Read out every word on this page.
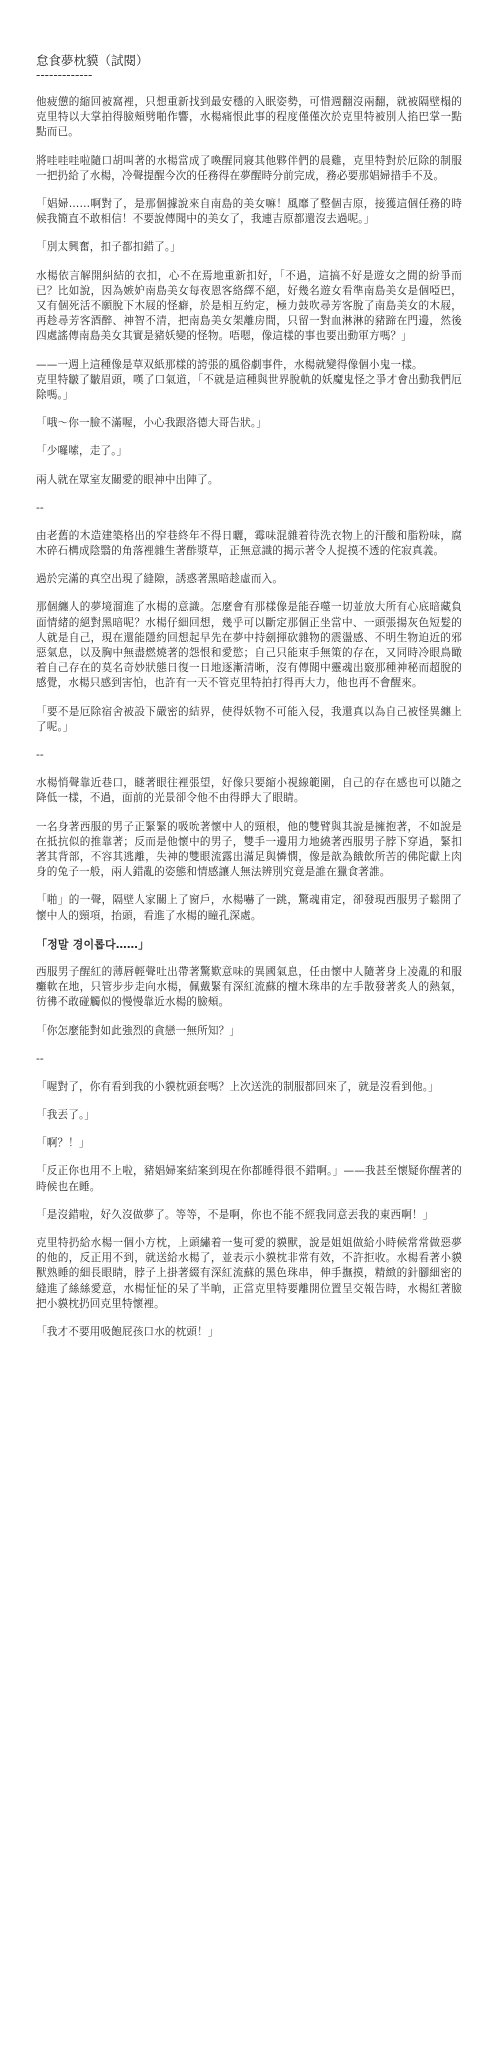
怠食夢枕貘（試閱）
-------------

他疲憊的縮回被窩裡，只想重新找到最安穩的入眠姿勢，可惜週翻沒兩翻，就被隔壁榻的克里特以大掌拍得臉頰劈啪作響，水楊痛恨此事的程度僅僅次於克里特被別人掐巴掌一點點而已。

將哇哇哇啦隨口胡叫著的水楊當成了喚醒同寢其他夥伴們的晨雞，克里特對於厄除的制服一把扔給了水楊，冷聲提醒今次的任務得在夢醒時分前完成，務必要那娼婦措手不及。

「娼婦……啊對了，是那個據說來自南島的美女嘛！風靡了整個吉原，接獲這個任務的時候我簡直不敢相信！不要說傳聞中的美女了，我連吉原都還沒去過呢。」

「別太興奮，扣子都扣錯了。」

水楊依言解開糾結的衣扣，心不在焉地重新扣好，「不過，這搞不好是遊女之間的紛爭而已？比如說，因為嫉妒南島美女每夜恩客絡繹不絕，好幾名遊女看準南島美女是個啞巴，又有個死活不願脫下木屐的怪癖，於是相互約定，極力鼓吹尋芳客脫了南島美女的木屐，再趁尋芳客酒醉、神智不清，把南島美女架離房間，只留一對血淋淋的豬蹄在門邊，然後四處謠傳南島美女其實是豬妖變的怪物。唔嗯，像這樣的事也要出動軍方嗎？」

——一週上這種像是草双紙那樣的誇張的風俗劇事件，水楊就變得像個小鬼一樣。
克里特皺了皺眉頭，嘆了口氣道，「不就是這種與世界脫軌的妖魔鬼怪之爭才會出動我們厄除嗎。」

「哦～你一臉不滿喔，小心我跟洛德大哥告狀。」

「少囉嗦，走了。」

兩人就在眾室友關愛的眼神中出陣了。

--

由老舊的木造建築格出的窄巷終年不得日曬，霉味混雜着待洗衣物上的汗酸和脂粉味，腐木碎石構成陰翳的角落裡雜生著酢漿草，正無意識的揭示著令人捉摸不透的侘寂真義。

過於完滿的真空出現了縫隙，誘惑著黑暗趁虛而入。

那個纏人的夢境溜進了水楊的意識。怎麼會有那樣像是能吞噬一切並放大所有心底暗藏負面情緒的絕對黑暗呢？水楊仔細回想，幾乎可以斷定那個正坐當中、一頭張揚灰色短髮的人就是自己，現在還能隱約回想起早先在夢中持劍揮砍雜物的震盪感、不明生物迫近的邪惡氣息，以及胸中無盡燃燒著的怨恨和愛慾；自己只能束手無策的存在，又同時冷眼鳥瞰着自己存在的莫名奇妙狀態日復一日地逐漸清晰，沒有傳聞中靈魂出竅那種神秘而超脫的感覺，水楊只感到害怕，也許有一天不管克里特拍打得再大力，他也再不會醒來。

「要不是厄除宿舍被設下嚴密的結界，使得妖物不可能入侵，我還真以為自己被怪異纏上了呢。」

--

水楊悄聲靠近巷口，瞇著眼往裡張望，好像只要縮小視線範圍，自己的存在感也可以隨之降低一樣，不過，面前的光景卻令他不由得睜大了眼睛。

一名身著西服的男子正緊緊的吸吮著懷中人的頸根，他的雙臂與其說是擁抱著，不如說是在抵抗似的推靠著；反而是他懷中的男子，雙手一邊用力地繞著西服男子脖下穿過，緊扣著其背部，不容其逃離，失神的雙眼流露出滿足與憐憫，像是歆為餓飲所苦的佛陀獻上肉身的兔子一般，兩人錯亂的姿態和情感讓人無法辨別究竟是誰在獵食著誰。

「啪」的一聲，隔壁人家關上了窗戶，水楊嚇了一跳，驚魂甫定，卻發現西服男子鬆開了懷中人的頸項，抬頭，看進了水楊的瞳孔深處。

「정말 경이롭다……」

西服男子醒紅的薄唇輕聲吐出帶著驚歎意味的異國氣息，任由懷中人隨著身上凌亂的和服癱軟在地，只管步步走向水楊，佩戴緊有深紅流蘇的檀木珠串的左手散發著炙人的熱氣，彷彿不敢碰觸似的慢慢靠近水楊的臉頰。

「你怎麼能對如此強烈的貪戀一無所知？」

--

「喔對了，你有看到我的小貘枕頭套嗎？上次送洗的制服都回來了，就是沒看到他。」

「我丟了。」

「啊？！」

「反正你也用不上啦，豬娼婦案結案到現在你都睡得很不錯啊。」——我甚至懷疑你醒著的時候也在睡。

「是沒錯啦，好久沒做夢了。等等，不是啊，你也不能不經我同意丟我的東西啊！」

克里特扔給水楊一個小方枕，上頭繡着一隻可愛的貘獸，說是姐姐做給小時候常常做惡夢的他的，反正用不到，就送給水楊了，並表示小貘枕非常有效，不許拒收。水楊看著小貘獸熟睡的細長眼睛，脖子上掛著綴有深紅流蘇的黑色珠串，伸手撫摸，精緻的針腳細密的縫進了絲絲愛意，水楊怔怔的呆了半晌，正當克里特要離開位置呈交報告時，水楊紅著臉把小貘枕扔回克里特懷裡。

「我才不要用吸飽屁孩口水的枕頭！」
